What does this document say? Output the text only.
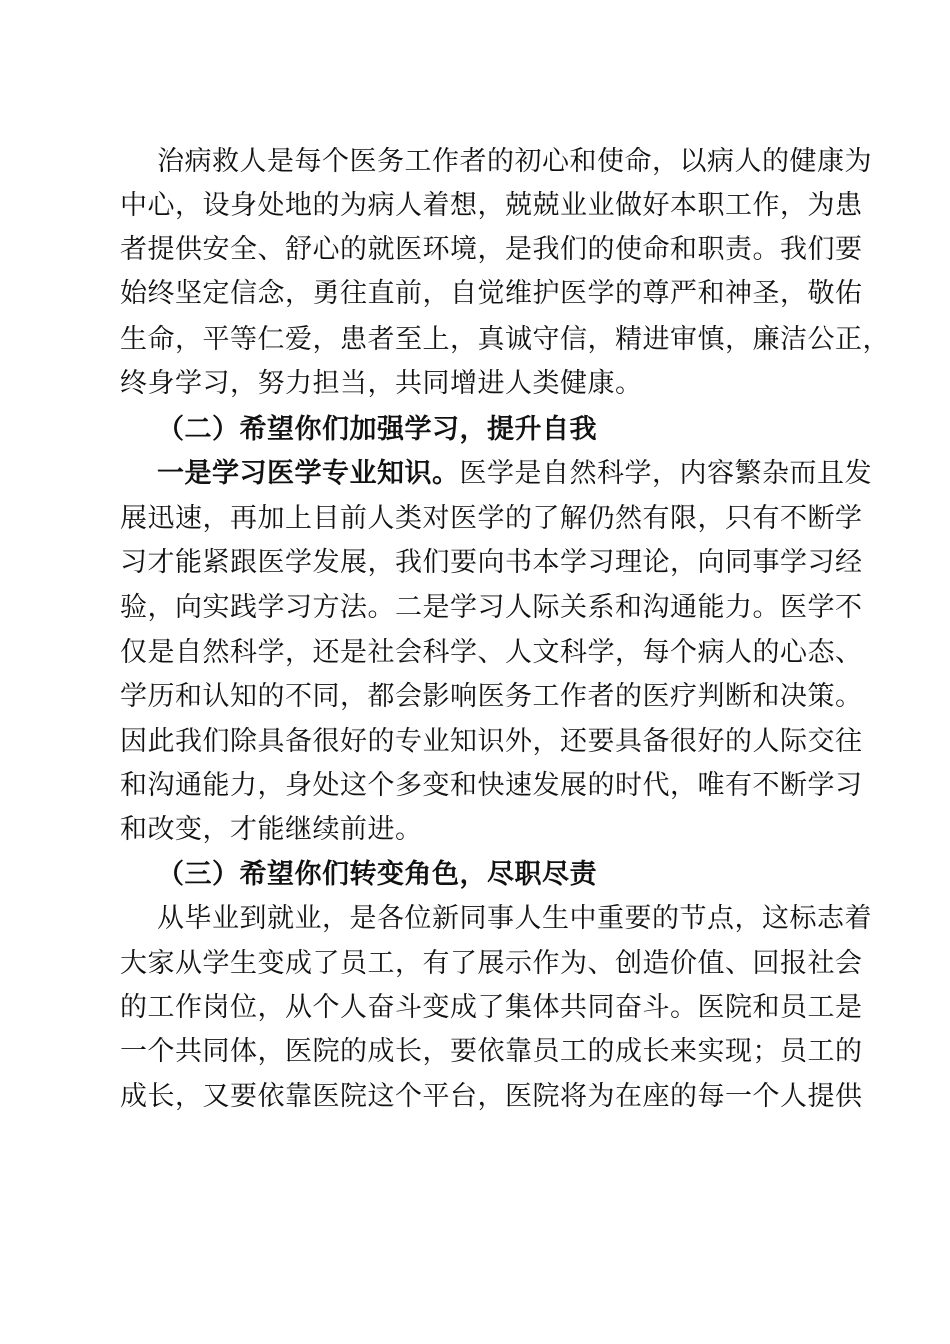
治病救人是每个医务工作者的初心和使命，以病人的健康为
中心，设身处地的为病人着想，兢兢业业做好本职工作，为患
者提供安全、舒心的就医环境，是我们的使命和职责。我们要
始终坚定信念，勇往直前，自觉维护医学的尊严和神圣，敬佑
生命，平等仁爱，患者至上，真诚守信，精进审慎，廉洁公正，
终身学习，努力担当，共同增进人类健康。
（二）希望你们加强学习，提升自我
一是学习医学专业知识。医学是自然科学，内容繁杂而且发
展迅速，再加上目前人类对医学的了解仍然有限，只有不断学
习才能紧跟医学发展，我们要向书本学习理论，向同事学习经
验，向实践学习方法。二是学习人际关系和沟通能力。医学不
仅是自然科学，还是社会科学、人文科学，每个病人的心态、
学历和认知的不同，都会影响医务工作者的医疗判断和决策。
因此我们除具备很好的专业知识外，还要具备很好的人际交往
和沟通能力，身处这个多变和快速发展的时代，唯有不断学习
和改变，才能继续前进。
（三）希望你们转变角色，尽职尽责
从毕业到就业，是各位新同事人生中重要的节点，这标志着
大家从学生变成了员工，有了展示作为、创造价值、回报社会
的工作岗位，从个人奋斗变成了集体共同奋斗。医院和员工是
一个共同体，医院的成长，要依靠员工的成长来实现；员工的
成长，又要依靠医院这个平台，医院将为在座的每一个人提供
